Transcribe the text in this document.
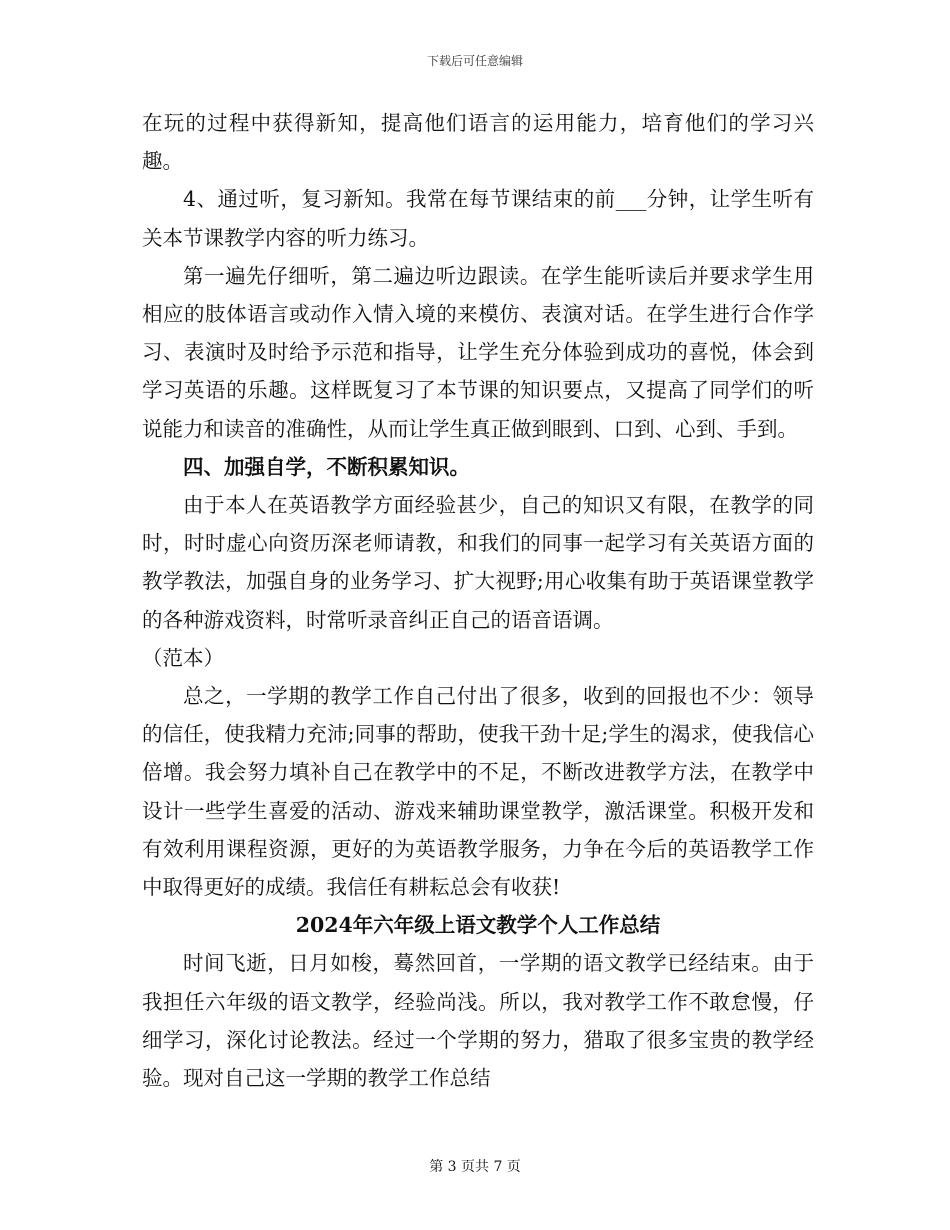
下载后可任意编辑

在玩的过程中获得新知，提高他们语言的运用能力，培育他们的学习兴趣。

4、通过听，复习新知。我常在每节课结束的前___分钟，让学生听有关本节课教学内容的听力练习。

第一遍先仔细听，第二遍边听边跟读。在学生能听读后并要求学生用相应的肢体语言或动作入情入境的来模仿、表演对话。在学生进行合作学习、表演时及时给予示范和指导，让学生充分体验到成功的喜悦，体会到学习英语的乐趣。这样既复习了本节课的知识要点，又提高了同学们的听说能力和读音的准确性，从而让学生真正做到眼到、口到、心到、手到。

四、加强自学，不断积累知识。

由于本人在英语教学方面经验甚少，自己的知识又有限，在教学的同时，时时虚心向资历深老师请教，和我们的同事一起学习有关英语方面的教学教法，加强自身的业务学习、扩大视野;用心收集有助于英语课堂教学的各种游戏资料，时常听录音纠正自己的语音语调。

（范本）

总之，一学期的教学工作自己付出了很多，收到的回报也不少：领导的信任，使我精力充沛;同事的帮助，使我干劲十足;学生的渴求，使我信心倍增。我会努力填补自己在教学中的不足，不断改进教学方法，在教学中设计一些学生喜爱的活动、游戏来辅助课堂教学，激活课堂。积极开发和有效利用课程资源，更好的为英语教学服务，力争在今后的英语教学工作中取得更好的成绩。我信任有耕耘总会有收获!

2024年六年级上语文教学个人工作总结

时间飞逝，日月如梭，蓦然回首，一学期的语文教学已经结束。由于我担任六年级的语文教学，经验尚浅。所以，我对教学工作不敢怠慢，仔细学习，深化讨论教法。经过一个学期的努力，猎取了很多宝贵的教学经验。现对自己这一学期的教学工作总结

第 3 页共 7 页
